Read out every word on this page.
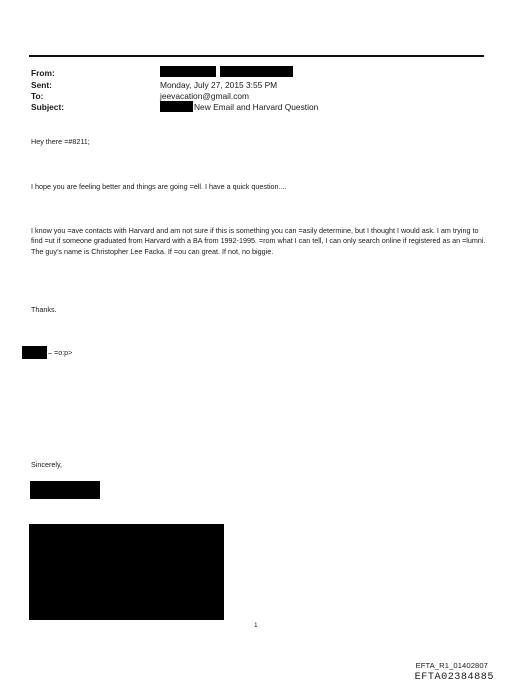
From:
Sent:	Monday, July 27, 2015 3:55 PM
To:	jeevacation@gmail.com
Subject:	New Email and Harvard Question

Hey there =#8211;

I hope you are feeling better and things are going =ell. I have a quick question....

I know you =ave contacts with Harvard and am not sure if this is something you can =asily determine, but I thought I would ask. I am trying to find =ut if someone graduated from Harvard with a BA from 1992-1995. =rom what I can tell, I can only search online if registered as an =lumni. The guy’s name is Christopher Lee Facka. If =ou can great. If not, no biggie.

Thanks.

– =o:p>

Sincerely,

1
EFTA_R1_01402807
EFTA02384885
